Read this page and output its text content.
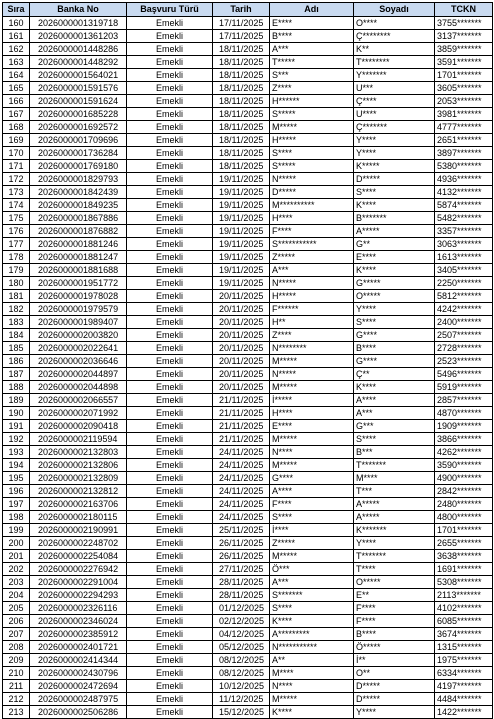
Sıra	Banka No	Başvuru Türü	Tarih	Adı	Soyadı	TCKN
160	2026000001319718	Emekli	17/11/2025	E****	O****	3755*******
161	2026000001361203	Emekli	17/11/2025	B****	Ç********	3137*******
162	2026000001448286	Emekli	18/11/2025	A***	K**	3859*******
163	2026000001448292	Emekli	18/11/2025	T*****	T********	3591*******
164	2026000001564021	Emekli	18/11/2025	S***	Y*******	1701*******
165	2026000001591576	Emekli	18/11/2025	Z****	U***	3605*******
166	2026000001591624	Emekli	18/11/2025	H******	Ç****	2053*******
167	2026000001685228	Emekli	18/11/2025	S*****	U****	3981*******
168	2026000001692572	Emekli	18/11/2025	M*****	Ç*******	4777*******
169	2026000001709696	Emekli	18/11/2025	H*****	Y****	2651*******
170	2026000001736284	Emekli	18/11/2025	S****	Y****	3897*******
171	2026000001769180	Emekli	18/11/2025	S*****	K*****	5380*******
172	2026000001829793	Emekli	19/11/2025	N*****	D*****	4936*******
173	2026000001842439	Emekli	19/11/2025	D*****	S****	4132*******
174	2026000001849235	Emekli	19/11/2025	M**********	K****	5874*******
175	2026000001867886	Emekli	19/11/2025	H****	B*******	5482*******
176	2026000001876882	Emekli	19/11/2025	F****	A*****	3357*******
177	2026000001881246	Emekli	19/11/2025	S***********	G**	3063*******
178	2026000001881247	Emekli	19/11/2025	Z*****	E****	1613*******
179	2026000001881688	Emekli	19/11/2025	A***	K****	3405*******
180	2026000001951772	Emekli	19/11/2025	N*****	G*****	2250*******
181	2026000001978028	Emekli	20/11/2025	H*****	O*****	5812*******
182	2026000001979579	Emekli	20/11/2025	F******	Y****	4242*******
183	2026000001989407	Emekli	20/11/2025	H**	S****	2400*******
184	2026000002003820	Emekli	20/11/2025	Z****	G****	2507*******
185	2026000002022641	Emekli	20/11/2025	N********	B****	2728*******
186	2026000002036646	Emekli	20/11/2025	M*****	G****	2523*******
187	2026000002044897	Emekli	20/11/2025	N*****	Ç**	5496*******
188	2026000002044898	Emekli	20/11/2025	M*****	K****	5919*******
189	2026000002066557	Emekli	21/11/2025	İ*****	A****	2857*******
190	2026000002071992	Emekli	21/11/2025	H****	A***	4870*******
191	2026000002090418	Emekli	21/11/2025	E****	G***	1909*******
192	2026000002119594	Emekli	21/11/2025	M*****	S****	3866*******
193	2026000002132803	Emekli	24/11/2025	N****	B***	4262*******
194	2026000002132806	Emekli	24/11/2025	M*****	T*******	3590*******
195	2026000002132809	Emekli	24/11/2025	G****	M****	4900*******
196	2026000002132812	Emekli	24/11/2025	A****	T***	2842*******
197	2026000002163706	Emekli	24/11/2025	F****	A*****	2480*******
198	2026000002180115	Emekli	24/11/2025	S****	A*****	4800*******
199	2026000002190991	Emekli	25/11/2025	İ****	K*******	1701*******
200	2026000002248702	Emekli	26/11/2025	Z*****	Y****	2655*******
201	2026000002254084	Emekli	26/11/2025	M*****	T*******	3638*******
202	2026000002276942	Emekli	27/11/2025	Ö***	T****	1691*******
203	2026000002291004	Emekli	28/11/2025	A***	O*****	5308*******
204	2026000002294293	Emekli	28/11/2025	S*******	E**	2113*******
205	2026000002326116	Emekli	01/12/2025	S****	F****	4102*******
206	2026000002346024	Emekli	02/12/2025	K****	F****	6085*******
207	2026000002385912	Emekli	04/12/2025	A*********	B****	3674*******
208	2026000002401721	Emekli	05/12/2025	N***********	Ö*****	1315*******
209	2026000002414344	Emekli	08/12/2025	A**	İ**	1975*******
210	2026000002430796	Emekli	08/12/2025	M****	O**	6334*******
211	2026000002472694	Emekli	10/12/2025	N****	D*****	4197*******
212	2026000002487975	Emekli	11/12/2025	M*****	D*****	4484*******
213	2026000002506286	Emekli	15/12/2025	K****	Y****	1422*******
